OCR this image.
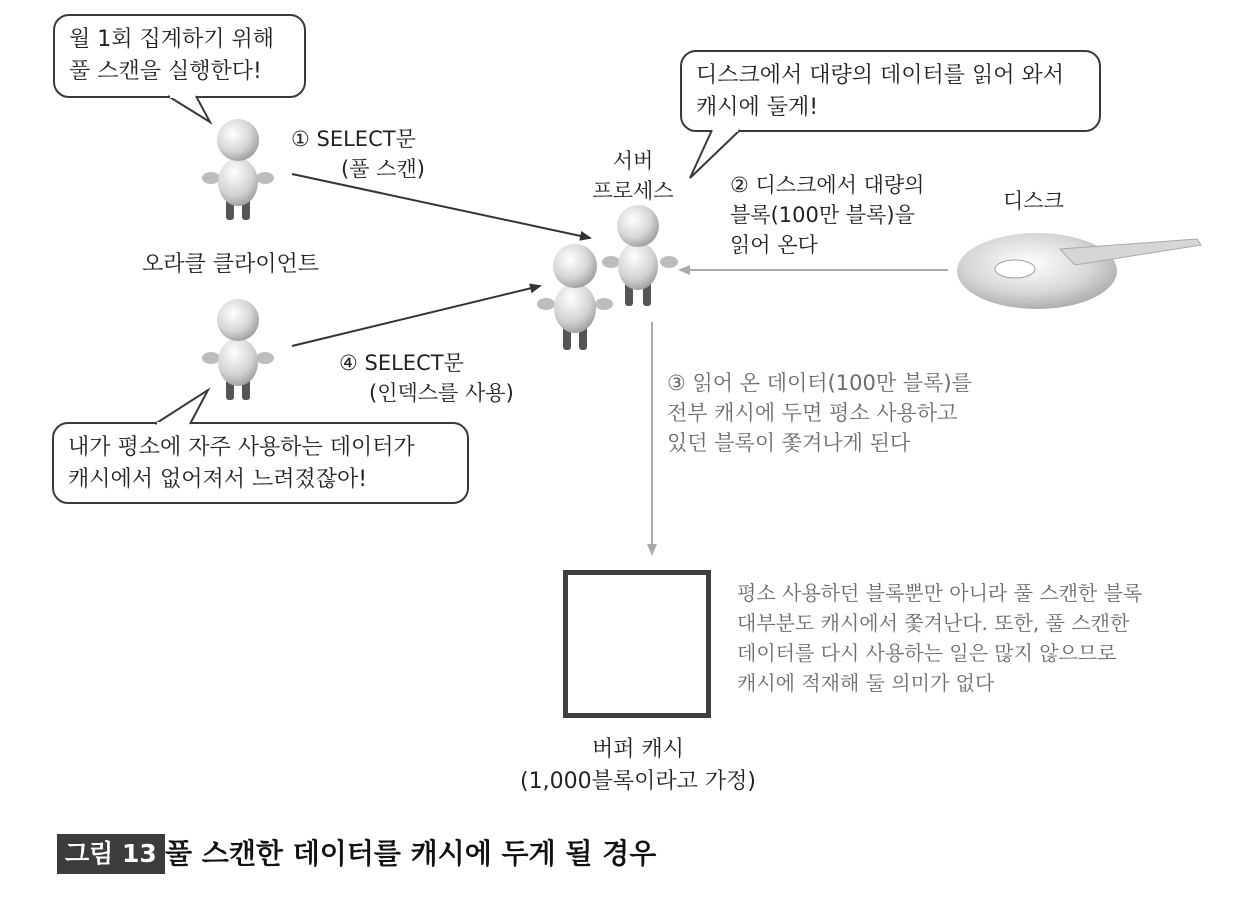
월 1회 집계하기 위해
풀 스캔을 실행한다!	디스크에서 대량의 데이터를 읽어 와서
캐시에 둘게!
내가 평소에 자주 사용하는 데이터가
캐시에서 없어져서 느려졌잖아!
① SELECT문
(풀 스캔)	서버
프로세스	② 디스크에서 대량의
블록(100만 블록)을
읽어 온다
디스크
오라클 클라이언트
④ SELECT문
(인덱스를 사용)	③ 읽어 온 데이터(100만 블록)를
전부 캐시에 두면 평소 사용하고
있던 블록이 쫓겨나게 된다
평소 사용하던 블록뿐만 아니라 풀 스캔한 블록
대부분도 캐시에서 쫓겨난다. 또한, 풀 스캔한
데이터를 다시 사용하는 일은 많지 않으므로
캐시에 적재해 둘 의미가 없다
버퍼 캐시
(1,000블록이라고 가정)
그림 13 풀 스캔한 데이터를 캐시에 두게 될 경우
